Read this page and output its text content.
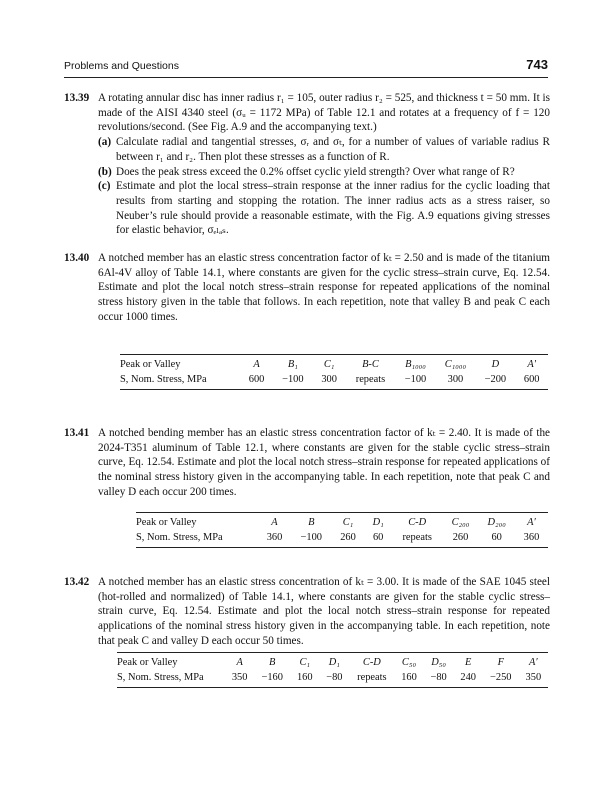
Problems and Questions	743
13.39 A rotating annular disc has inner radius r₁ = 105, outer radius r₂ = 525, and thickness t = 50 mm. It is made of the AISI 4340 steel (σᵤ = 1172 MPa) of Table 12.1 and rotates at a frequency of f = 120 revolutions/second. (See Fig. A.9 and the accompanying text.)
(a) Calculate radial and tangential stresses, σᵣ and σₜ, for a number of values of variable radius R between r₁ and r₂. Then plot these stresses as a function of R.
(b) Does the peak stress exceed the 0.2% offset cyclic yield strength? Over what range of R?
(c) Estimate and plot the local stress–strain response at the inner radius for the cyclic loading that results from starting and stopping the rotation. The inner radius acts as a stress raiser, so Neuber’s rule should provide a reasonable estimate, with the Fig. A.9 equations giving stresses for elastic behavior, σₑₗₐₛ.
13.40 A notched member has an elastic stress concentration factor of kₜ = 2.50 and is made of the titanium 6Al-4V alloy of Table 14.1, where constants are given for the cyclic stress–strain curve, Eq. 12.54. Estimate and plot the local notch stress–strain response for repeated applications of the nominal stress history given in the table that follows. In each repetition, note that valley B and peak C each occur 1000 times.
Peak or Valley	A	B₁	C₁	B-C	B₁₀₀₀	C₁₀₀₀	D	A′
S, Nom. Stress, MPa	600	−100	300	repeats	−100	300	−200	600
13.41 A notched bending member has an elastic stress concentration factor of kₜ = 2.40. It is made of the 2024-T351 aluminum of Table 12.1, where constants are given for the stable cyclic stress–strain curve, Eq. 12.54. Estimate and plot the local notch stress–strain response for repeated applications of the nominal stress history given in the accompanying table. In each repetition, note that peak C and valley D each occur 200 times.
Peak or Valley	A	B	C₁	D₁	C-D	C₂₀₀	D₂₀₀	A′
S, Nom. Stress, MPa	360	−100	260	60	repeats	260	60	360
13.42 A notched member has an elastic stress concentration of kₜ = 3.00. It is made of the SAE 1045 steel (hot-rolled and normalized) of Table 14.1, where constants are given for the stable cyclic stress–strain curve, Eq. 12.54. Estimate and plot the local notch stress–strain response for repeated applications of the nominal stress history given in the accompanying table. In each repetition, note that peak C and valley D each occur 50 times.
Peak or Valley	A	B	C₁	D₁	C-D	C₅₀	D₅₀	E	F	A′
S, Nom. Stress, MPa	350	−160	160	−80	repeats	160	−80	240	−250	350
